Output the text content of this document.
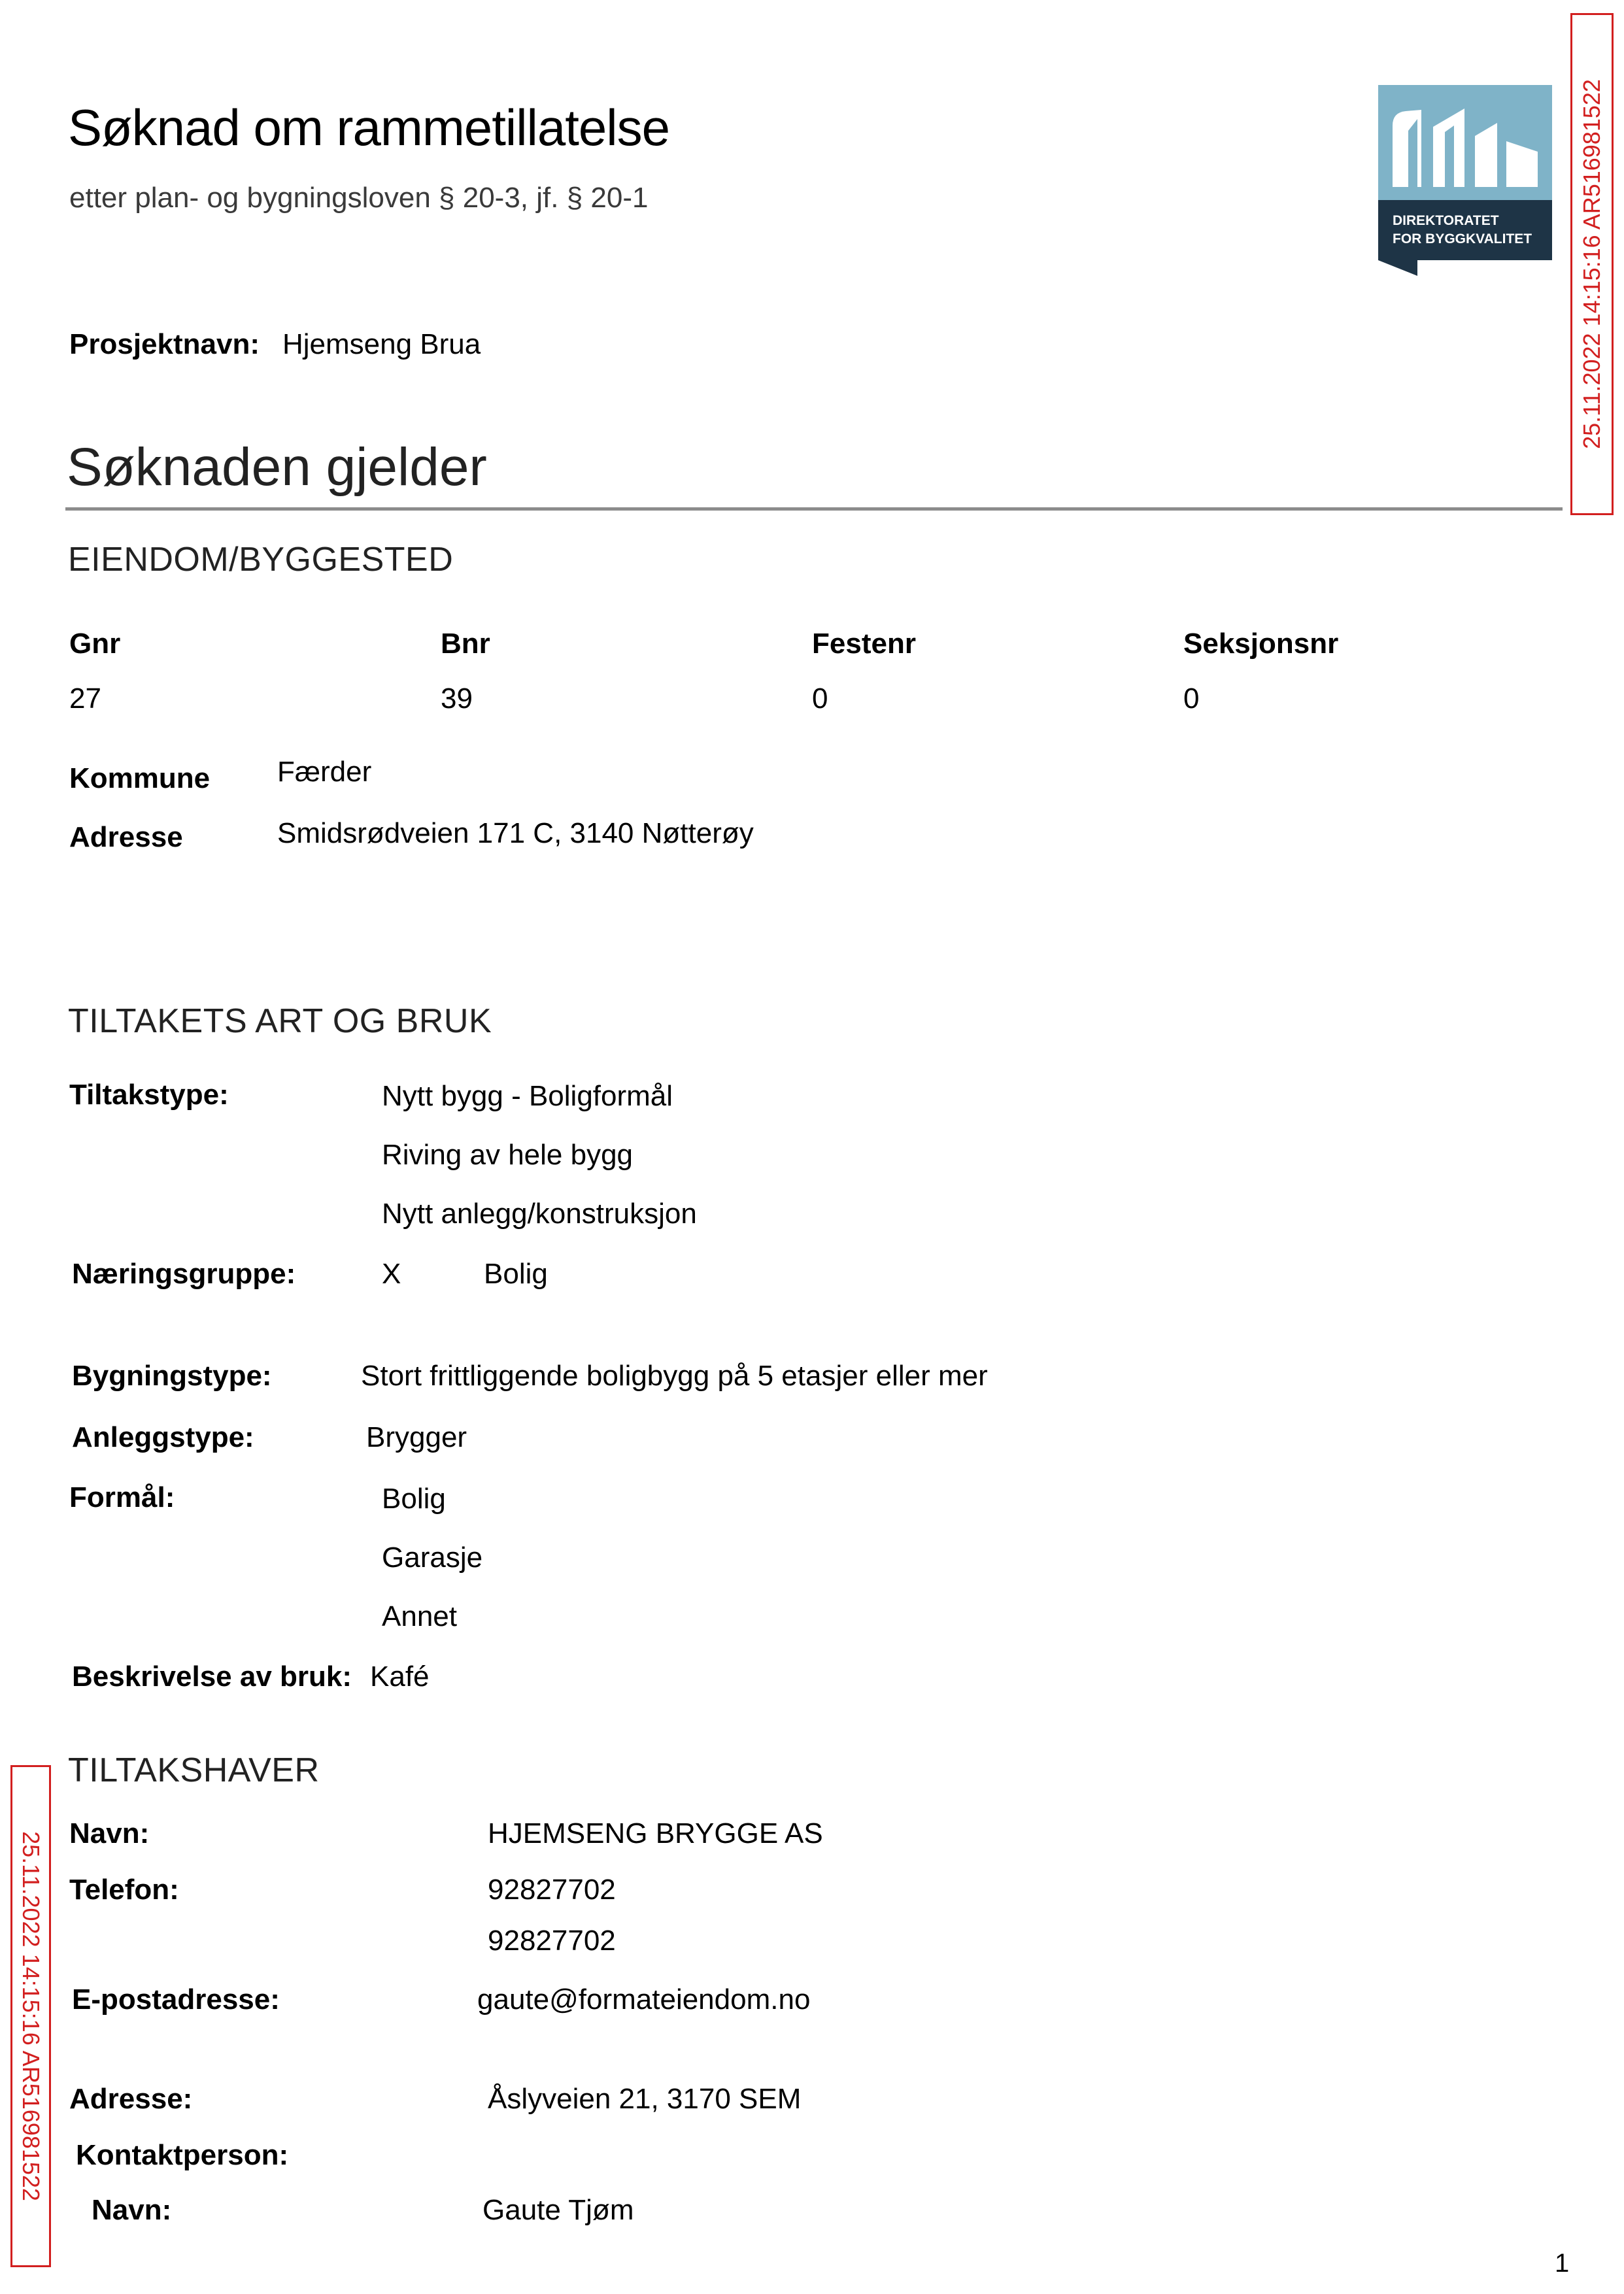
Søknad om rammetillatelse
etter plan- og bygningsloven § 20-3, jf. § 20-1
Prosjektnavn: Hjemseng Brua
DIREKTORATET
FOR BYGGKVALITET 25.11.2022 14:15:16 AR516981522
25.11.2022 14:15:16 AR516981522
Søknaden gjelder
EIENDOM/BYGGESTED
Gnr	Bnr	Festenr	Seksjonsnr
27	39	0	0
Kommune Færder
Adresse	Smidsrødveien 171 C, 3140 Nøtterøy
TILTAKETS ART OG BRUK
Tiltakstype:	Nytt bygg - Boligformål
Riving av hele bygg
Nytt anlegg/konstruksjon
Næringsgruppe:	X	Bolig
Bygningstype:	Stort frittliggende boligbygg på 5 etasjer eller mer
Anleggstype:	Brygger
Formål:	Bolig
Garasje
Annet
Beskrivelse av bruk: Kafé
TILTAKSHAVER
Navn:	HJEMSENG BRYGGE AS
Telefon:	92827702
92827702
E-postadresse:	gaute@formateiendom.no
Adresse:	Åslyveien 21, 3170 SEM
Kontaktperson:
Navn:	Gaute Tjøm
1
